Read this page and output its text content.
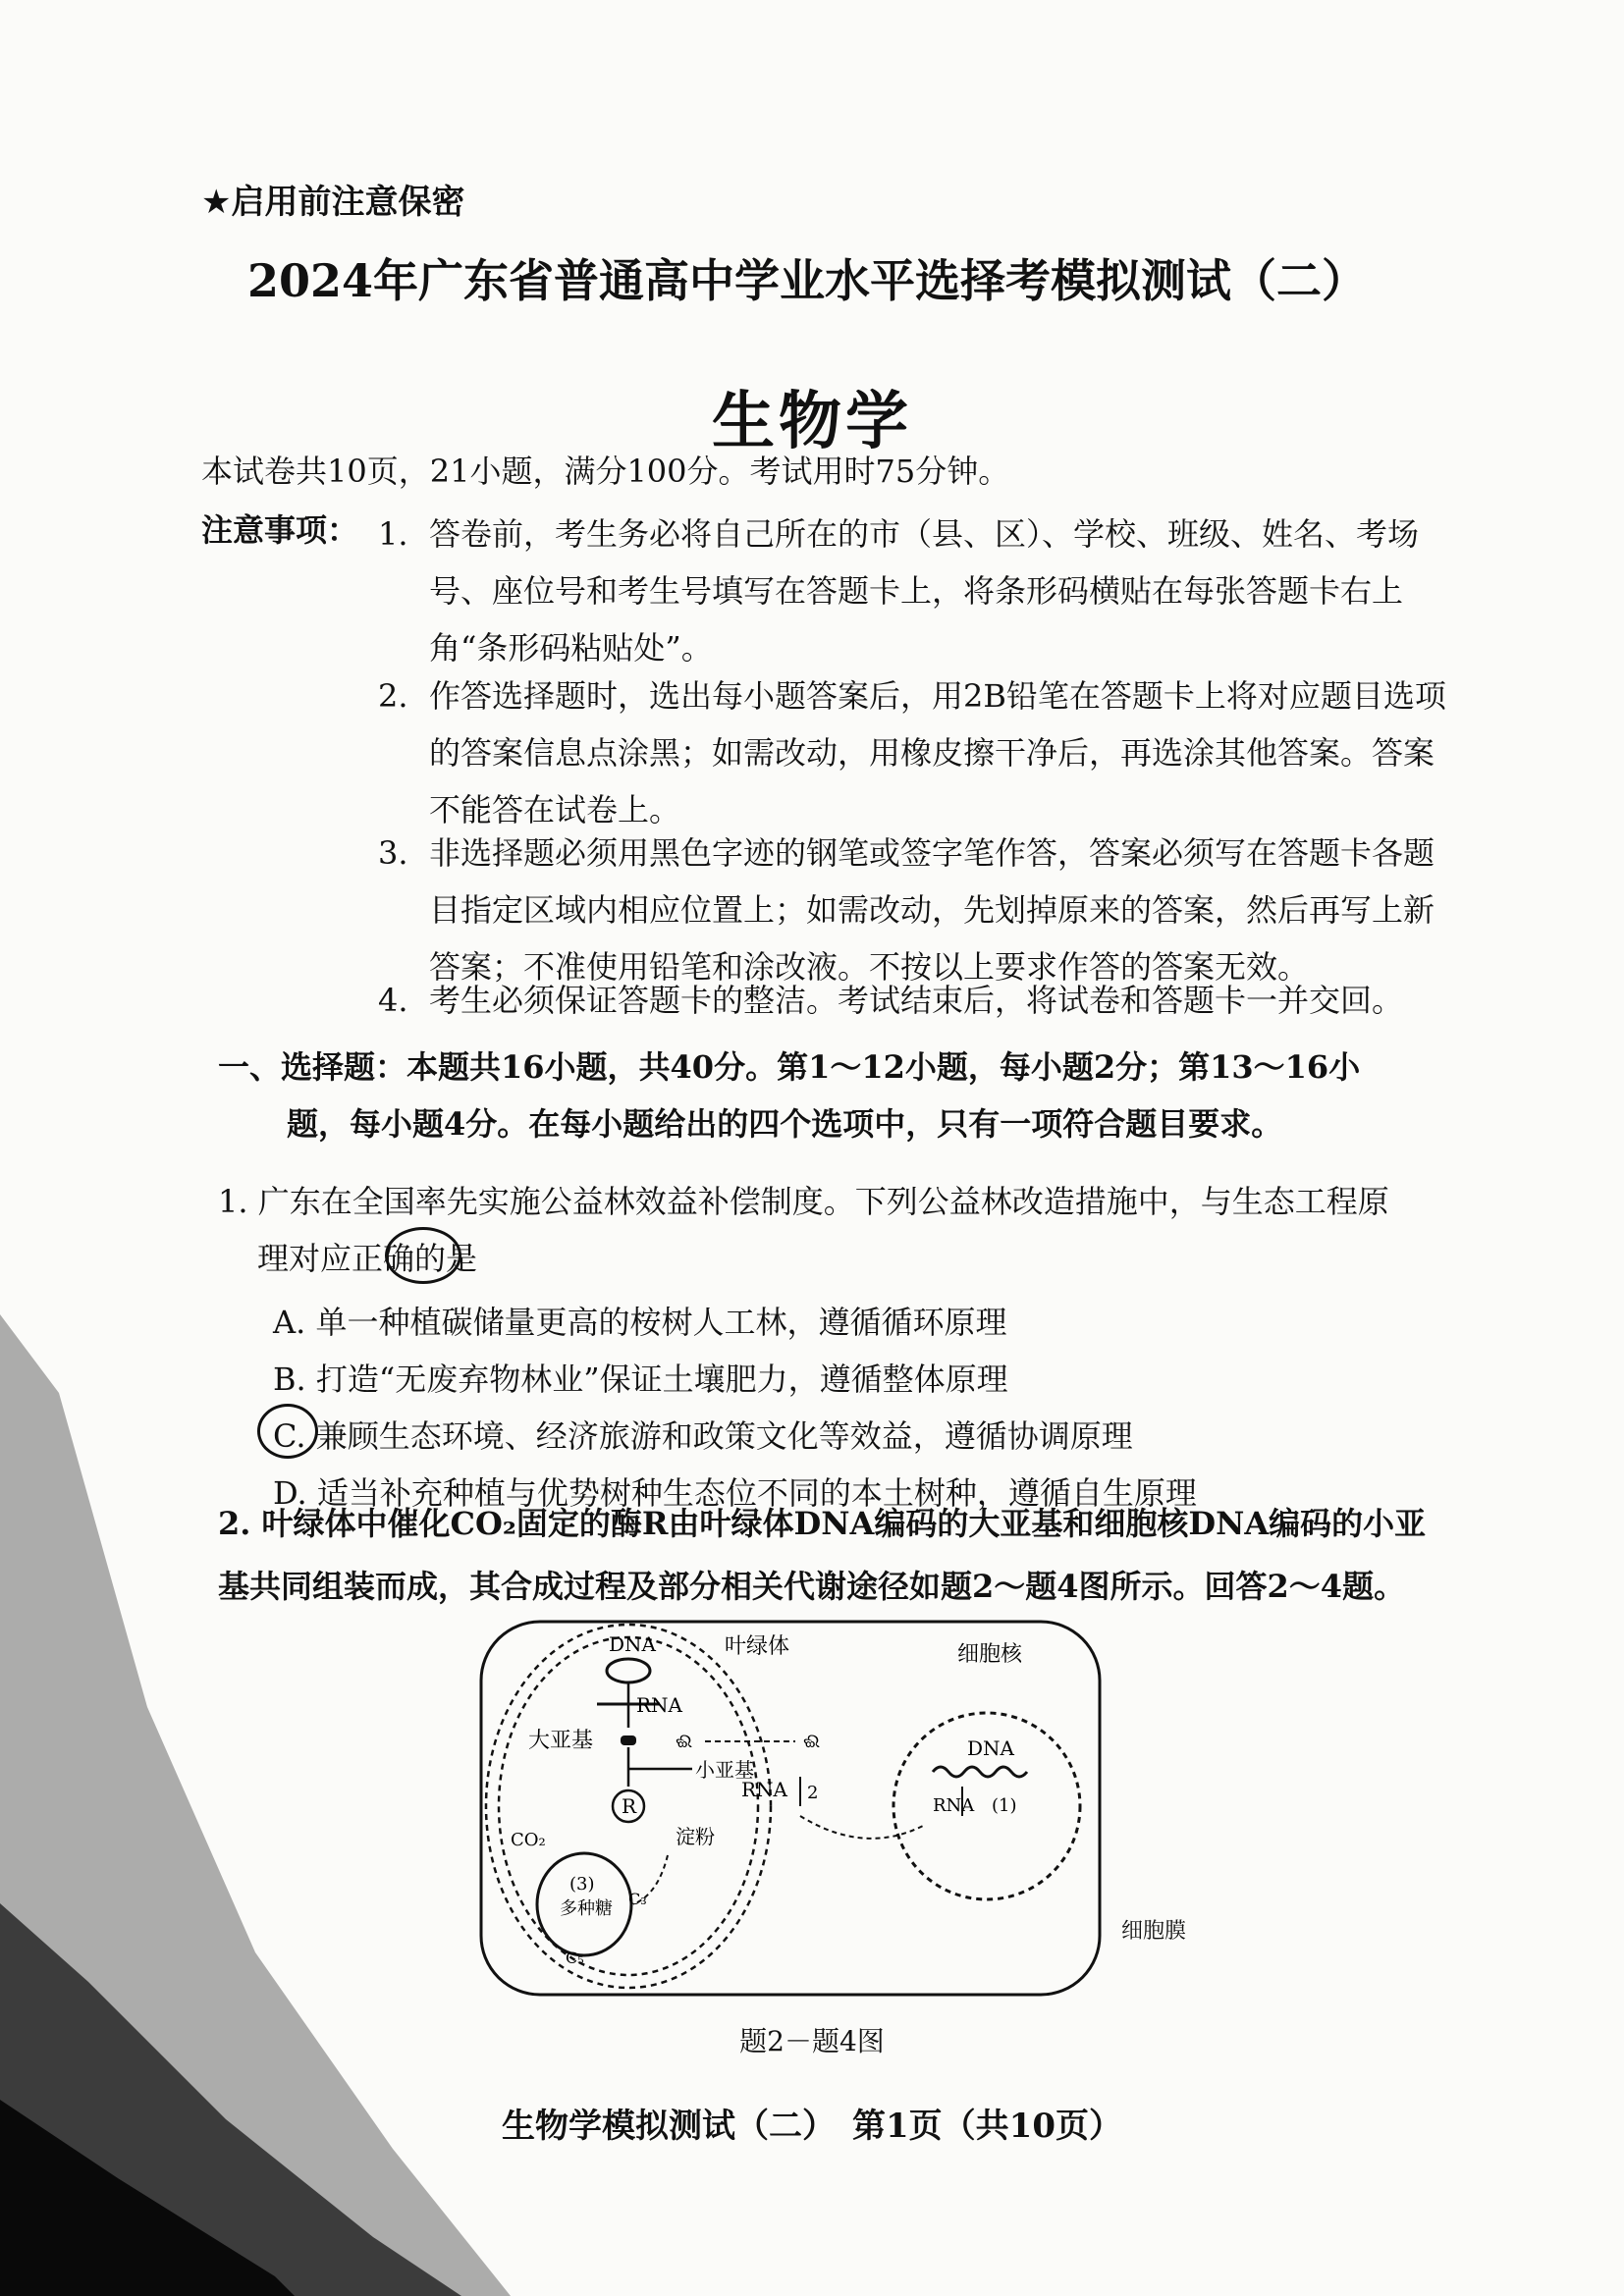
★启用前注意保密
2024年广东省普通高中学业水平选择考模拟测试（二）
生物学
本试卷共10页，21小题，满分100分。考试用时75分钟。
注意事项： 1. 答卷前，考生务必将自己所在的市（县、区）、学校、班级、姓名、考场号、座位号和考生号填写在答题卡上，将条形码横贴在每张答题卡右上角“条形码粘贴处”。
2. 作答选择题时，选出每小题答案后，用2B铅笔在答题卡上将对应题目选项的答案信息点涂黑；如需改动，用橡皮擦干净后，再选涂其他答案。答案不能答在试卷上。
3. 非选择题必须用黑色字迹的钢笔或签字笔作答，答案必须写在答题卡各题目指定区域内相应位置上；如需改动，先划掉原来的答案，然后再写上新答案；不准使用铅笔和涂改液。不按以上要求作答的答案无效。
4. 考生必须保证答题卡的整洁。考试结束后，将试卷和答题卡一并交回。
一、选择题：本题共16小题，共40分。第1～12小题，每小题2分；第13～16小
题，每小题4分。在每小题给出的四个选项中，只有一项符合题目要求。
1. 广东在全国率先实施公益林效益补偿制度。下列公益林改造措施中，与生态工程原
理对应正确的是
A. 单一种植碳储量更高的桉树人工林，遵循循环原理
B. 打造“无废弃物林业”保证土壤肥力，遵循整体原理
C. 兼顾生态环境、经济旅游和政策文化等效益，遵循协调原理
D. 适当补充种植与优势树种生态位不同的本土树种，遵循自生原理
2. 叶绿体中催化CO₂固定的酶R由叶绿体DNA编码的大亚基和细胞核DNA编码的小亚
基共同组装而成，其合成过程及部分相关代谢途径如题2～题4图所示。回答2～4题。
DNA
RNA
大亚基
小亚基
ଈ	ଈ
R
CO₂
(3)
多种糖 C₃
C₅
淀粉
RNA 2
DNA
RNA (1)
叶绿体	细胞核
细胞膜
题2－题4图
生物学模拟测试（二）　第1页（共10页）
